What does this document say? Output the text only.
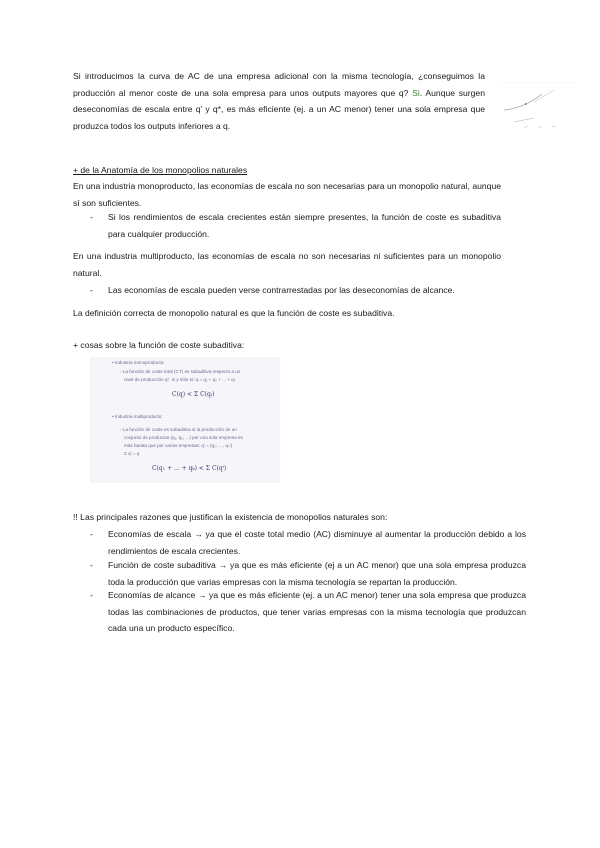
Si introducimos la curva de AC de una empresa adicional con la misma tecnología, ¿conseguimos la producción al menor coste de una sola empresa para unos outputs mayores que q? Si. Aunque surgen deseconomías de escala entre q' y q*, es más eficiente (ej. a un AC menor) tener una sola empresa que produzca todos los outputs inferiores a q.

+ de la Anatomía de los monopolios naturales

En una industria monoproducto, las economías de escala no son necesarias para un monopolio natural, aunque sí son suficientes.

- Si los rendimientos de escala crecientes están siempre presentes, la función de coste es subaditiva para cualquier producción.

En una industria multiproducto, las economías de escala no son necesarias ni suficientes para un monopolio natural.

- Las economías de escala pueden verse contrarrestadas por las deseconomías de alcance.

La definición correcta de monopolio natural es que la función de coste es subaditiva.

+ cosas sobre la función de coste subaditiva:

• Industria monoproducto:
◦ La función de coste total (CT) es subaditiva respecto a un
nivel de producción q*, si y sólo si: q = q₁ + q₂ + ... + qₙ
C(q) < Σ C(qᵢ)
• Industria multiproducto:
◦ La función de coste es subaditiva si la producción de un
conjunto de productos (q₁, q₂, ...) por una sola empresa es
más barata que por varias empresas: qⁱ = (q₁ⁱ, ..., qₙⁱ)
Σ qⁱ = q
C(q₁ + ... + qₖ) < Σ C(qⁱ)

!! Las principales razones que justifican la existencia de monopolios naturales son:

- Economías de escala → ya que el coste total medio (AC) disminuye al aumentar la producción debido a los rendimientos de escala crecientes.

- Función de coste subaditiva → ya que es más eficiente (ej a un AC menor) que una sola empresa produzca toda la producción que varias empresas con la misma tecnología se repartan la producción.

- Economías de alcance → ya que es más eficiente (ej. a un AC menor) tener una sola empresa que produzca todas las combinaciones de productos, que tener varias empresas con la misma tecnología que produzcan cada una un producto específico.
